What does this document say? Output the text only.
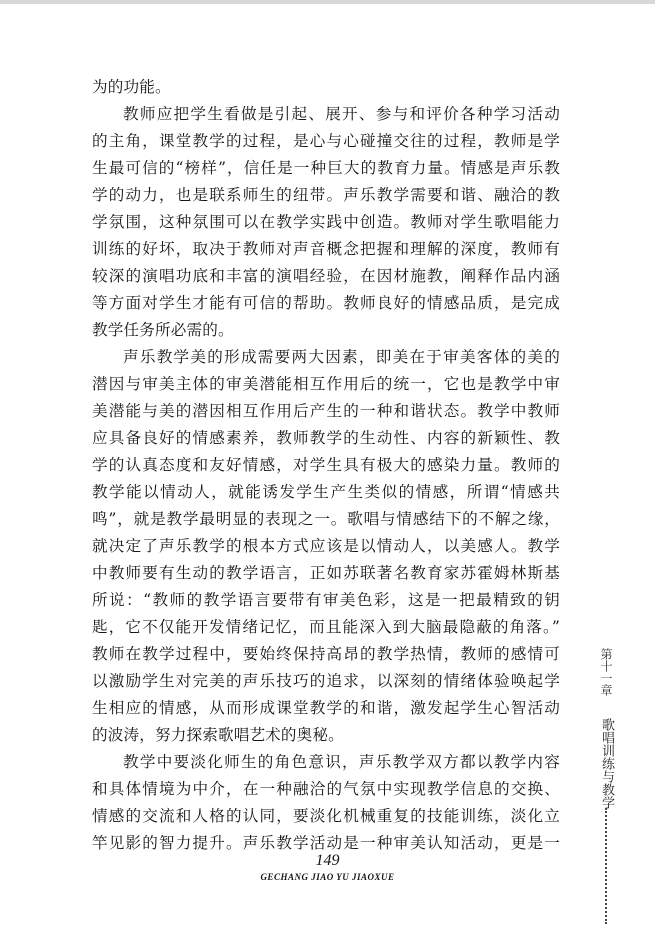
为的功能。
教师应把学生看做是引起、展开、参与和评价各种学习活动
的主角，课堂教学的过程，是心与心碰撞交往的过程，教师是学
生最可信的“榜样”，信任是一种巨大的教育力量。情感是声乐教
学的动力，也是联系师生的纽带。声乐教学需要和谐、融洽的教
学氛围，这种氛围可以在教学实践中创造。教师对学生歌唱能力
训练的好坏，取决于教师对声音概念把握和理解的深度，教师有
较深的演唱功底和丰富的演唱经验，在因材施教，阐释作品内涵
等方面对学生才能有可信的帮助。教师良好的情感品质，是完成
教学任务所必需的。
声乐教学美的形成需要两大因素，即美在于审美客体的美的
潜因与审美主体的审美潜能相互作用后的统一，它也是教学中审
美潜能与美的潜因相互作用后产生的一种和谐状态。教学中教师
应具备良好的情感素养，教师教学的生动性、内容的新颖性、教
学的认真态度和友好情感，对学生具有极大的感染力量。教师的
教学能以情动人，就能诱发学生产生类似的情感，所谓“情感共
鸣”，就是教学最明显的表现之一。歌唱与情感结下的不解之缘，
就决定了声乐教学的根本方式应该是以情动人，以美感人。教学
中教师要有生动的教学语言，正如苏联著名教育家苏霍姆林斯基
所说：“教师的教学语言要带有审美色彩，这是一把最精致的钥
匙，它不仅能开发情绪记忆，而且能深入到大脑最隐蔽的角落。”
教师在教学过程中，要始终保持高昂的教学热情，教师的感情可
以激励学生对完美的声乐技巧的追求，以深刻的情绪体验唤起学
生相应的情感，从而形成课堂教学的和谐，激发起学生心智活动
的波涛，努力探索歌唱艺术的奥秘。
教学中要淡化师生的角色意识，声乐教学双方都以教学内容
和具体情境为中介，在一种融洽的气氛中实现教学信息的交换、
情感的交流和人格的认同，要淡化机械重复的技能训练，淡化立
竿见影的智力提升。声乐教学活动是一种审美认知活动，更是一
第十一章
歌唱训练与教学
149
GECHANG JIAO YU JIAOXUE
